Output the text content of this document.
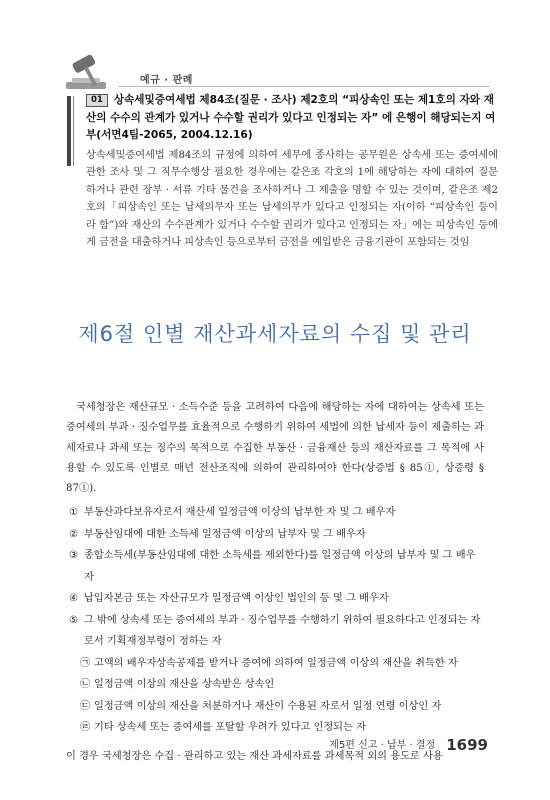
예규 · 판례
01 상속세및증여세법 제84조(질문 · 조사) 제2호의 “피상속인 또는 제1호의 자와 재산의 수수의 관계가 있거나 수수할 권리가 있다고 인정되는 자” 에 은행이 해당되는지 여부(서면4팀-2065, 2004.12.16)
상속세및증여세법 제84조의 규정에 의하여 세무에 종사하는 공무원은 상속세 또는 증여세에 관한 조사 및 그 직무수행상 필요한 경우에는 같은조 각호의 1에 해당하는 자에 대하여 질문하거나 관련 장부 · 서류 기타 물건을 조사하거나 그 제출을 명할 수 있는 것이며, 같은조 제2호의「피상속인 또는 납세의무자 또는 납세의무가 있다고 인정되는 자(이하 “피상속인 등이라 함”)와 재산의 수수관계가 있거나 수수할 권리가 있다고 인정되는 자」에는 피상속인 등에게 금전을 대출하거나 피상속인 등으로부터 금전을 예입받은 금융기관이 포함되는 것임
제6절 인별 재산과세자료의 수집 및 관리

국세청장은 재산규모 · 소득수준 등을 고려하여 다음에 해당하는 자에 대하여는 상속세 또는 증여세의 부과 · 징수업무를 효율적으로 수행하기 위하여 세법에 의한 납세자 등이 제출하는 과세자료나 과세 또는 징수의 목적으로 수집한 부동산 · 금융재산 등의 재산자료를 그 목적에 사용할 수 있도록 인별로 매년 전산조직에 의하여 관리하여야 한다(상증법 § 85①, 상증령 § 87①).

① 부동산과다보유자로서 재산세 일정금액 이상의 납부한 자 및 그 배우자
② 부동산임대에 대한 소득세 일정금액 이상의 납부자 및 그 배우자
③ 종합소득세(부동산임대에 대한 소득세를 제외한다)를 일정금액 이상의 납부자 및 그 배우자
④ 납입자본금 또는 자산규모가 일정금액 이상인 법인의 등 및 그 배우자
⑤ 그 밖에 상속세 또는 증여세의 부과 · 징수업무를 수행하기 위하여 필요하다고 인정되는 자로서 기획재정부령이 정하는 자
㉠ 고액의 배우자상속공제를 받거나 증여에 의하여 일정금액 이상의 재산을 취득한 자
㉡ 일정금액 이상의 재산을 상속받은 상속인
㉢ 일정금액 이상의 재산을 처분하거나 재산이 수용된 자로서 일정 연령 이상인 자
㉣ 기타 상속세 또는 증여세를 포탈할 우려가 있다고 인정되는 자

이 경우 국세청장은 수집 · 관리하고 있는 재산 과세자료를 과세목적 외의 용도로 사용

제5편 신고 · 납부 · 결정 1699
